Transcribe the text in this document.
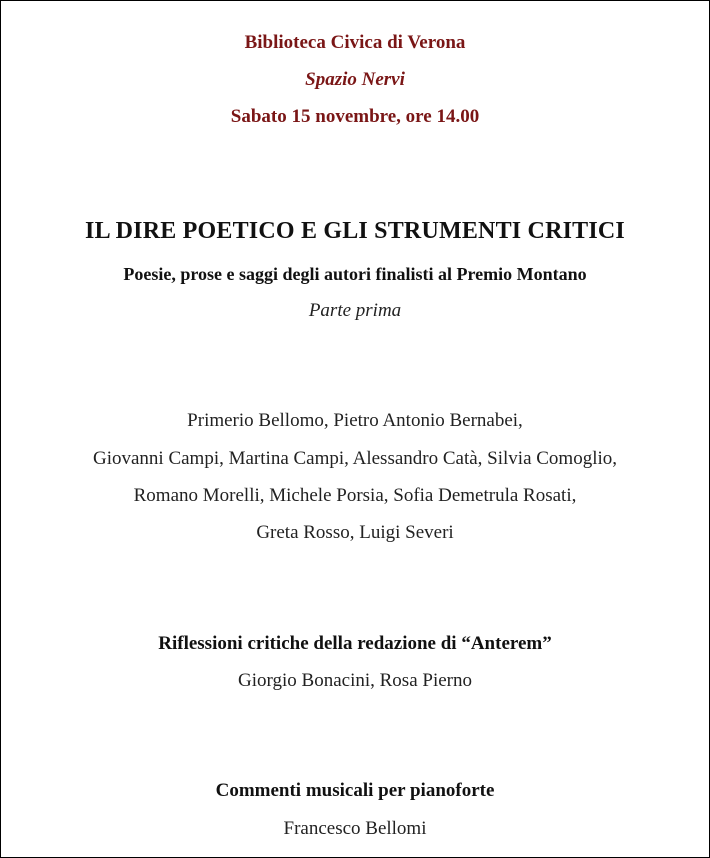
Biblioteca Civica di Verona
Spazio Nervi
Sabato 15 novembre, ore 14.00
IL DIRE POETICO E GLI STRUMENTI CRITICI
Poesie, prose e saggi degli autori finalisti al Premio Montano
Parte prima
Primerio Bellomo, Pietro Antonio Bernabei,
Giovanni Campi, Martina Campi, Alessandro Catà, Silvia Comoglio,
Romano Morelli, Michele Porsia, Sofia Demetrula Rosati,
Greta Rosso, Luigi Severi
Riflessioni critiche della redazione di “Anterem”
Giorgio Bonacini, Rosa Pierno
Commenti musicali per pianoforte
Francesco Bellomi
